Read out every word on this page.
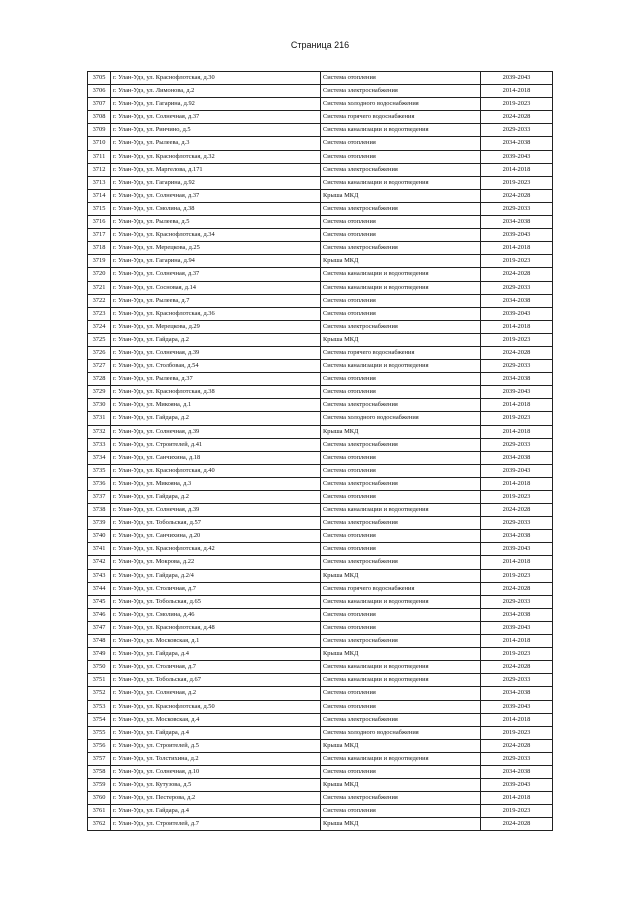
Страница 216
3705	г. Улан-Удэ, ул. Краснофлотская, д.30	Система отопления	2039-2043
3706	г. Улан-Удэ, ул. Лимонова, д.2	Система электроснабжения	2014-2018
3707	г. Улан-Удэ, ул. Гагарина, д.92	Система холодного водоснабжения	2019-2023
3708	г. Улан-Удэ, ул. Солнечная, д.37	Система горячего водоснабжения	2024-2028
3709	г. Улан-Удэ, ул. Ринчино, д.5	Система канализации и водоотведения	2029-2033
3710	г. Улан-Удэ, ул. Рылеева, д.3	Система отопления	2034-2038
3711	г. Улан-Удэ, ул. Краснофлотская, д.32	Система отопления	2039-2043
3712	г. Улан-Удэ, ул. Маргелова, д.171	Система электроснабжения	2014-2018
3713	г. Улан-Удэ, ул. Гагарина, д.92	Система канализации и водоотведения	2019-2023
3714	г. Улан-Удэ, ул. Солнечная, д.37	Крыша МКД	2024-2028
3715	г. Улан-Удэ, ул. Смолина, д.38	Система электроснабжения	2029-2033
3716	г. Улан-Удэ, ул. Рылеева, д.5	Система отопления	2034-2038
3717	г. Улан-Удэ, ул. Краснофлотская, д.34	Система отопления	2039-2043
3718	г. Улан-Удэ, ул. Мерецкова, д.25	Система электроснабжения	2014-2018
3719	г. Улан-Удэ, ул. Гагарина, д.94	Крыша МКД	2019-2023
3720	г. Улан-Удэ, ул. Солнечная, д.37	Система канализации и водоотведения	2024-2028
3721	г. Улан-Удэ, ул. Сосновая, д.14	Система канализации и водоотведения	2029-2033
3722	г. Улан-Удэ, ул. Рылеева, д.7	Система отопления	2034-2038
3723	г. Улан-Удэ, ул. Краснофлотская, д.36	Система отопления	2039-2043
3724	г. Улан-Удэ, ул. Мерецкова, д.29	Система электроснабжения	2014-2018
3725	г. Улан-Удэ, ул. Гайдара, д.2	Крыша МКД	2019-2023
3726	г. Улан-Удэ, ул. Солнечная, д.39	Система горячего водоснабжения	2024-2028
3727	г. Улан-Удэ, ул. Столбовая, д.54	Система канализации и водоотведения	2029-2033
3728	г. Улан-Удэ, ул. Рылеева, д.37	Система отопления	2034-2038
3729	г. Улан-Удэ, ул. Краснофлотская, д.38	Система отопления	2039-2043
3730	г. Улан-Удэ, ул. Микояна, д.1	Система электроснабжения	2014-2018
3731	г. Улан-Удэ, ул. Гайдара, д.2	Система холодного водоснабжения	2019-2023
3732	г. Улан-Удэ, ул. Солнечная, д.39	Крыша МКД	2014-2018
3733	г. Улан-Удэ, ул. Строителей, д.41	Система электроснабжения	2029-2033
3734	г. Улан-Удэ, ул. Санчихина, д.18	Система отопления	2034-2038
3735	г. Улан-Удэ, ул. Краснофлотская, д.40	Система отопления	2039-2043
3736	г. Улан-Удэ, ул. Микояна, д.3	Система электроснабжения	2014-2018
3737	г. Улан-Удэ, ул. Гайдара, д.2	Система отопления	2019-2023
3738	г. Улан-Удэ, ул. Солнечная, д.39	Система канализации и водоотведения	2024-2028
3739	г. Улан-Удэ, ул. Тобольская, д.57	Система электроснабжения	2029-2033
3740	г. Улан-Удэ, ул. Санчихина, д.20	Система отопления	2034-2038
3741	г. Улан-Удэ, ул. Краснофлотская, д.42	Система отопления	2039-2043
3742	г. Улан-Удэ, ул. Мокрова, д.22	Система электроснабжения	2014-2018
3743	г. Улан-Удэ, ул. Гайдара, д.2/4	Крыша МКД	2019-2023
3744	г. Улан-Удэ, ул. Столичная, д.7	Система горячего водоснабжения	2024-2028
3745	г. Улан-Удэ, ул. Тобольская, д.65	Система канализации и водоотведения	2029-2033
3746	г. Улан-Удэ, ул. Смолина, д.46	Система отопления	2034-2038
3747	г. Улан-Удэ, ул. Краснофлотская, д.48	Система отопления	2039-2043
3748	г. Улан-Удэ, ул. Московская, д.1	Система электроснабжения	2014-2018
3749	г. Улан-Удэ, ул. Гайдара, д.4	Крыша МКД	2019-2023
3750	г. Улан-Удэ, ул. Столичная, д.7	Система канализации и водоотведения	2024-2028
3751	г. Улан-Удэ, ул. Тобольская, д.67	Система канализации и водоотведения	2029-2033
3752	г. Улан-Удэ, ул. Солнечная, д.2	Система отопления	2034-2038
3753	г. Улан-Удэ, ул. Краснофлотская, д.50	Система отопления	2039-2043
3754	г. Улан-Удэ, ул. Московская, д.4	Система электроснабжения	2014-2018
3755	г. Улан-Удэ, ул. Гайдара, д.4	Система холодного водоснабжения	2019-2023
3756	г. Улан-Удэ, ул. Строителей, д.5	Крыша МКД	2024-2028
3757	г. Улан-Удэ, ул. Толстихина, д.2	Система канализации и водоотведения	2029-2033
3758	г. Улан-Удэ, ул. Солнечная, д.10	Система отопления	2034-2038
3759	г. Улан-Удэ, ул. Кутузова, д.5	Крыша МКД	2039-2043
3760	г. Улан-Удэ, ул. Пестерова, д.2	Система электроснабжения	2014-2018
3761	г. Улан-Удэ, ул. Гайдара, д.4	Система отопления	2019-2023
3762	г. Улан-Удэ, ул. Строителей, д.7	Крыша МКД	2024-2028
